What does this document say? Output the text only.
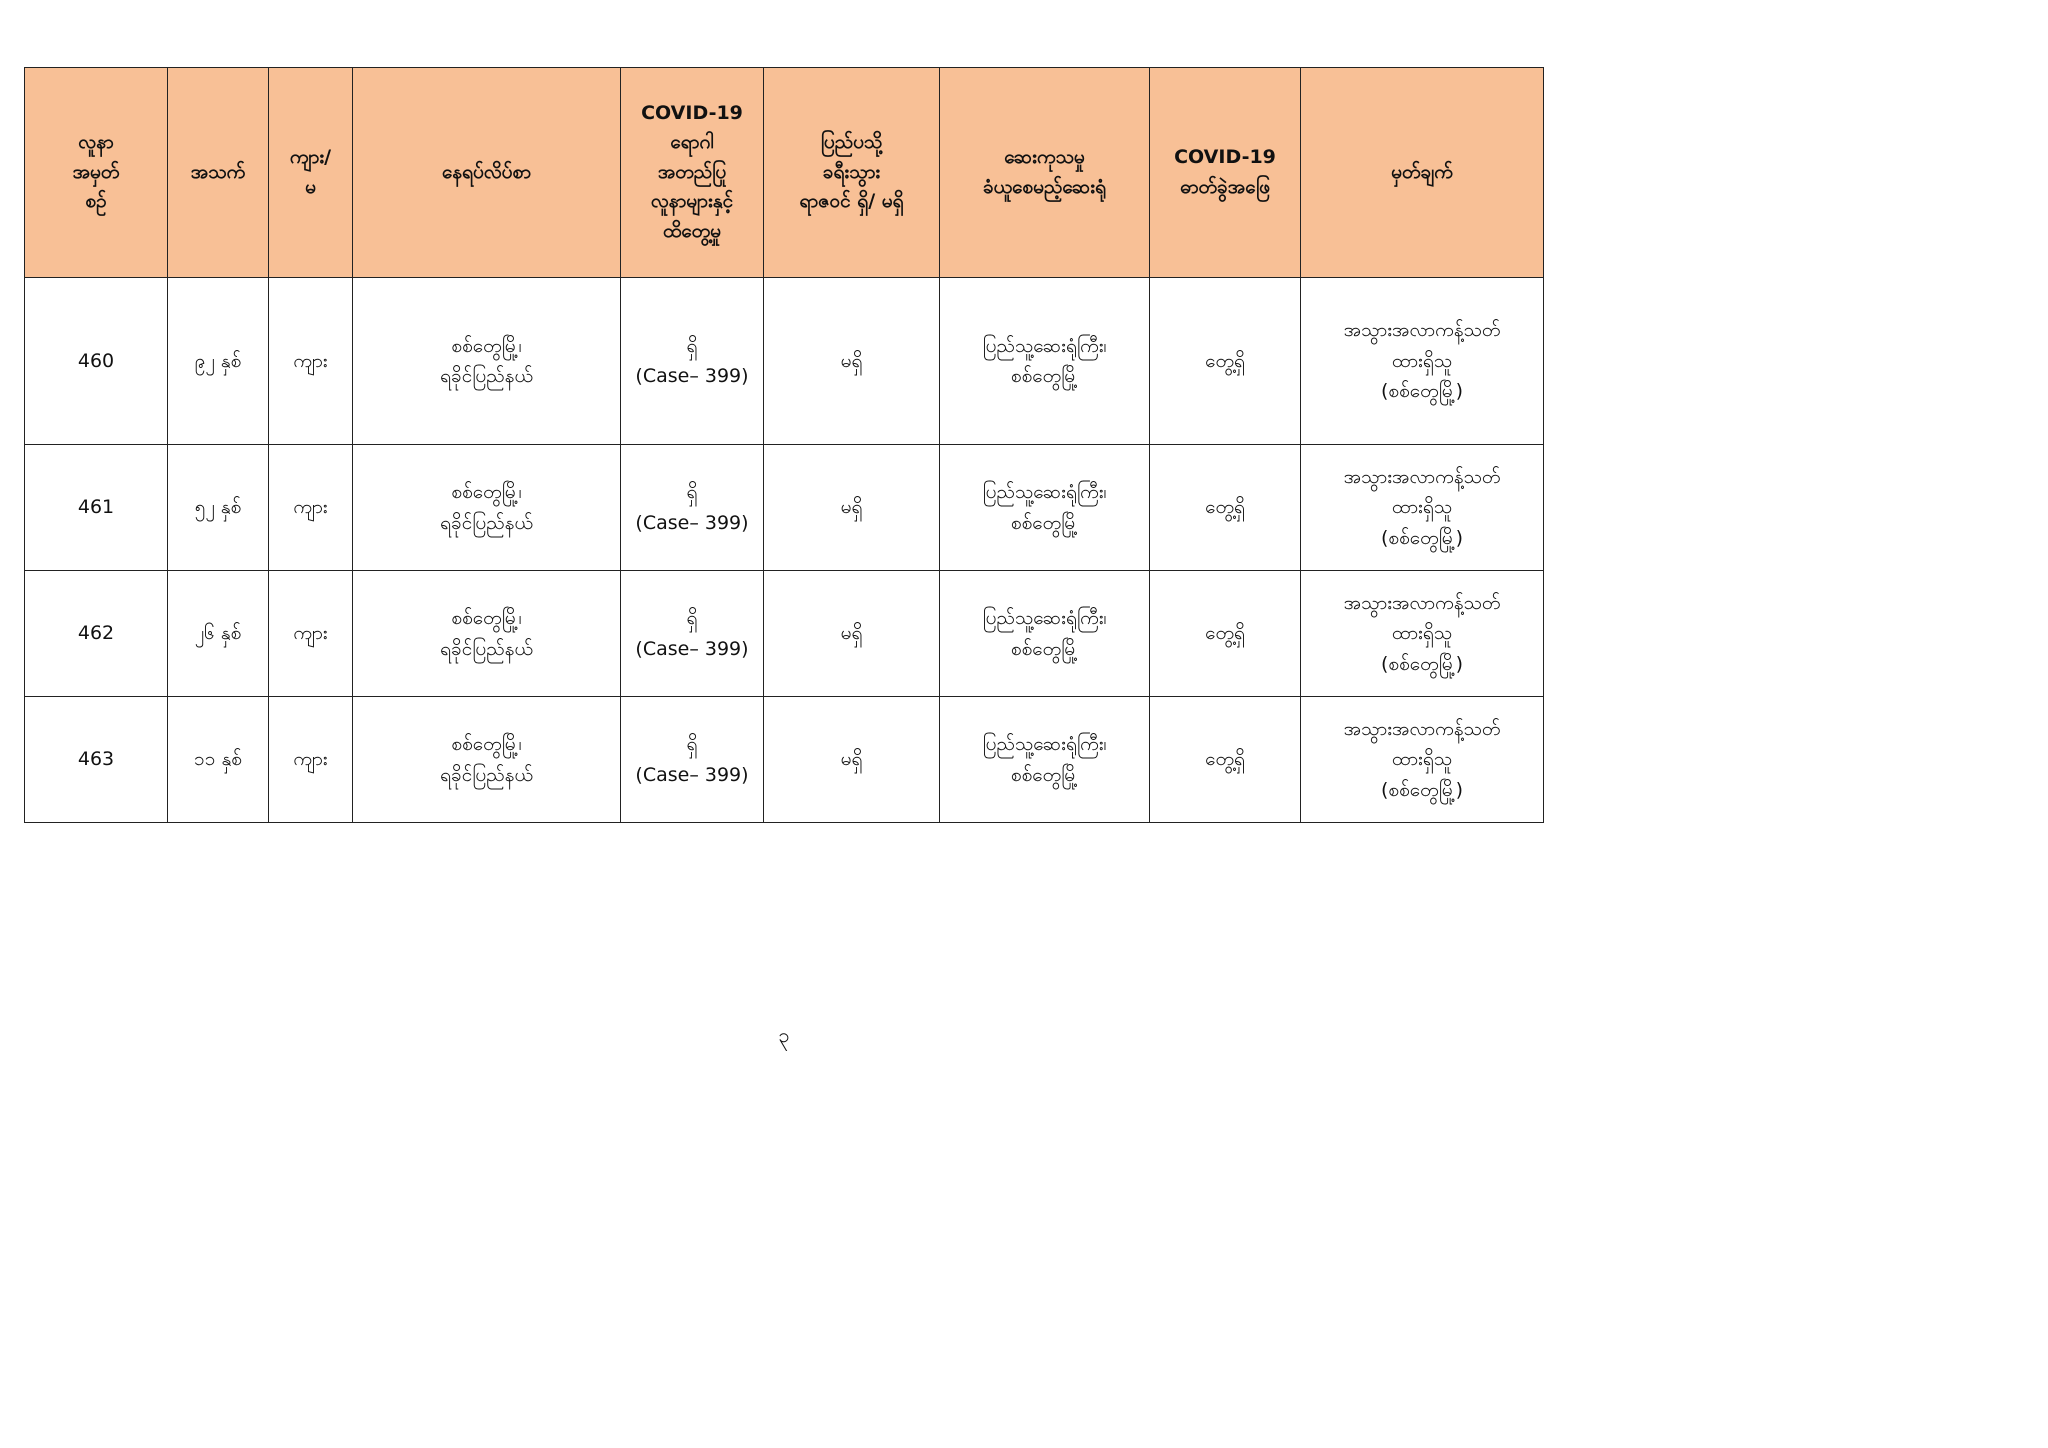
လူနာ
အမှတ်
စဉ်	အသက်	ကျား/
မ	နေရပ်လိပ်စာ	COVID-19
ရောဂါ
အတည်ပြု
လူနာများနှင့်
ထိတွေ့မှု	ပြည်ပသို့
ခရီးသွား
ရာဇဝင် ရှိ/ မရှိ	ဆေးကုသမှု
ခံယူစေမည့်ဆေးရုံ	COVID-19
ဓာတ်ခွဲအဖြေ	မှတ်ချက်

460	၉၂ နှစ်	ကျား	စစ်တွေမြို့၊
ရခိုင်ပြည်နယ်	ရှိ
(Case– 399)	မရှိ	ပြည်သူ့ဆေးရုံကြီး၊
စစ်တွေမြို့	တွေ့ရှိ	အသွားအလာကန့်သတ်
ထားရှိသူ
(စစ်တွေမြို့)

461	၅၂ နှစ်	ကျား	စစ်တွေမြို့၊
ရခိုင်ပြည်နယ်	ရှိ
(Case– 399)	မရှိ	ပြည်သူ့ဆေးရုံကြီး၊
စစ်တွေမြို့	တွေ့ရှိ	အသွားအလာကန့်သတ်
ထားရှိသူ
(စစ်တွေမြို့)

462	၂၆ နှစ်	ကျား	စစ်တွေမြို့၊
ရခိုင်ပြည်နယ်	ရှိ
(Case– 399)	မရှိ	ပြည်သူ့ဆေးရုံကြီး၊
စစ်တွေမြို့	တွေ့ရှိ	အသွားအလာကန့်သတ်
ထားရှိသူ
(စစ်တွေမြို့)

463	၁၁ နှစ်	ကျား	စစ်တွေမြို့၊
ရခိုင်ပြည်နယ်	ရှိ
(Case– 399)	မရှိ	ပြည်သူ့ဆေးရုံကြီး၊
စစ်တွေမြို့	တွေ့ရှိ	အသွားအလာကန့်သတ်
ထားရှိသူ
(စစ်တွေမြို့)
၃
